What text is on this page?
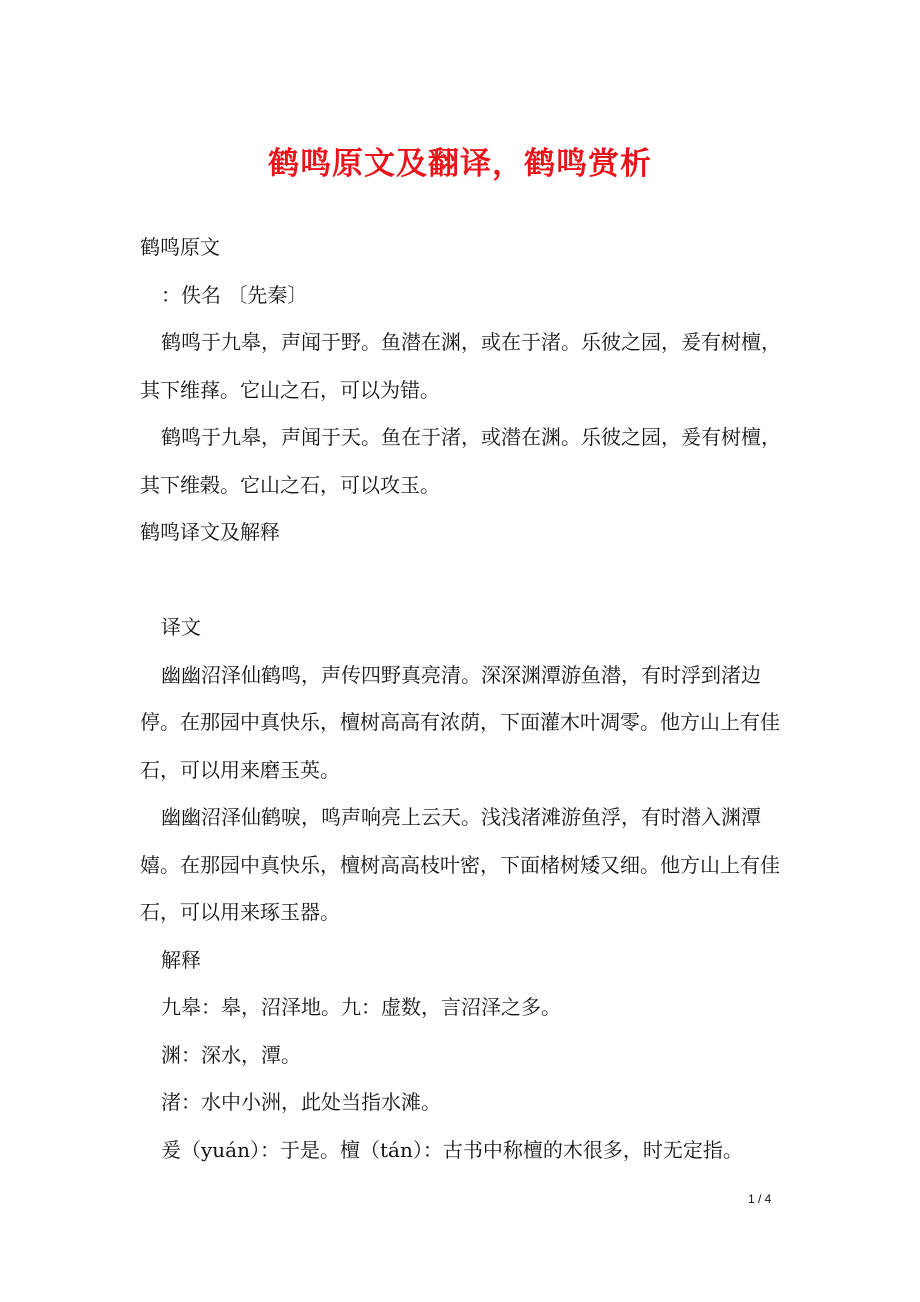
鹤鸣原文及翻译，鹤鸣赏析

鹤鸣原文

：佚名 〔先秦〕

鹤鸣于九皋，声闻于野。鱼潜在渊，或在于渚。乐彼之园，爰有树檀，其下维萚。它山之石，可以为错。

鹤鸣于九皋，声闻于天。鱼在于渚，或潜在渊。乐彼之园，爰有树檀，其下维榖。它山之石，可以攻玉。

鹤鸣译文及解释

译文

幽幽沼泽仙鹤鸣，声传四野真亮清。深深渊潭游鱼潜，有时浮到渚边停。在那园中真快乐，檀树高高有浓荫，下面灌木叶凋零。他方山上有佳石，可以用来磨玉英。

幽幽沼泽仙鹤唳，鸣声响亮上云天。浅浅渚滩游鱼浮，有时潜入渊潭嬉。在那园中真快乐，檀树高高枝叶密，下面楮树矮又细。他方山上有佳石，可以用来琢玉器。

解释

九皋：皋，沼泽地。九：虚数，言沼泽之多。

渊：深水，潭。

渚：水中小洲，此处当指水滩。

爰（yuán）：于是。檀（tán）：古书中称檀的木很多，时无定指。

1 / 4
